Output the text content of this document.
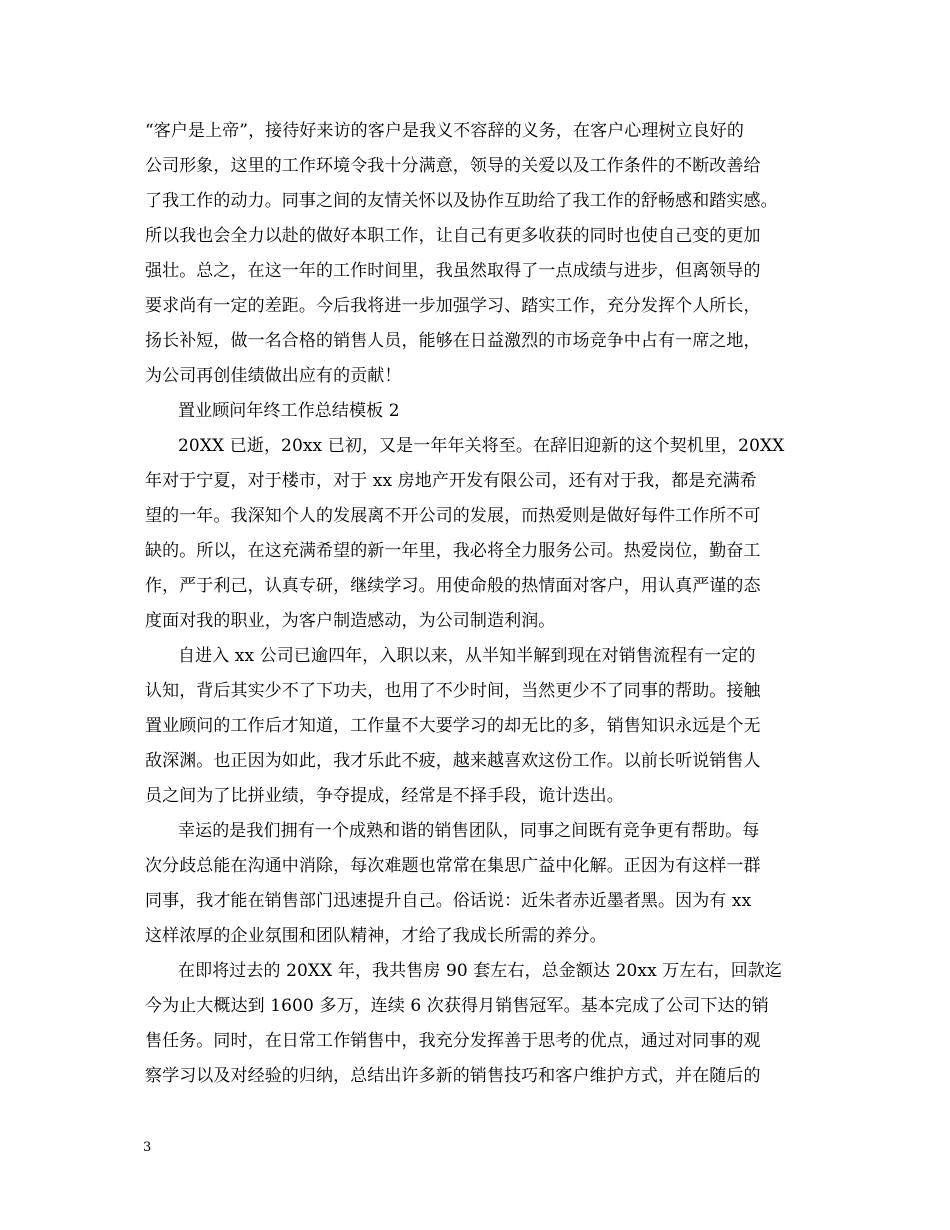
“客户是上帝”，接待好来访的客户是我义不容辞的义务，在客户心理树立良好的
公司形象，这里的工作环境令我十分满意，领导的关爱以及工作条件的不断改善给
了我工作的动力。同事之间的友情关怀以及协作互助给了我工作的舒畅感和踏实感。
所以我也会全力以赴的做好本职工作，让自己有更多收获的同时也使自己变的更加
强壮。总之，在这一年的工作时间里，我虽然取得了一点成绩与进步，但离领导的
要求尚有一定的差距。今后我将进一步加强学习、踏实工作，充分发挥个人所长，
扬长补短，做一名合格的销售人员，能够在日益激烈的市场竞争中占有一席之地，
为公司再创佳绩做出应有的贡献！
置业顾问年终工作总结模板 2
20XX 已逝，20xx 已初，又是一年年关将至。在辞旧迎新的这个契机里，20XX
年对于宁夏，对于楼市，对于 xx 房地产开发有限公司，还有对于我，都是充满希
望的一年。我深知个人的发展离不开公司的发展，而热爱则是做好每件工作所不可
缺的。所以，在这充满希望的新一年里，我必将全力服务公司。热爱岗位，勤奋工
作，严于利己，认真专研，继续学习。用使命般的热情面对客户，用认真严谨的态
度面对我的职业，为客户制造感动，为公司制造利润。
自进入 xx 公司已逾四年，入职以来，从半知半解到现在对销售流程有一定的
认知，背后其实少不了下功夫，也用了不少时间，当然更少不了同事的帮助。接触
置业顾问的工作后才知道，工作量不大要学习的却无比的多，销售知识永远是个无
敌深渊。也正因为如此，我才乐此不疲，越来越喜欢这份工作。以前长听说销售人
员之间为了比拼业绩，争夺提成，经常是不择手段，诡计迭出。
幸运的是我们拥有一个成熟和谐的销售团队，同事之间既有竞争更有帮助。每
次分歧总能在沟通中消除，每次难题也常常在集思广益中化解。正因为有这样一群
同事，我才能在销售部门迅速提升自己。俗话说：近朱者赤近墨者黑。因为有 xx
这样浓厚的企业氛围和团队精神，才给了我成长所需的养分。
在即将过去的 20XX 年，我共售房 90 套左右，总金额达 20xx 万左右，回款迄
今为止大概达到 1600 多万，连续 6 次获得月销售冠军。基本完成了公司下达的销
售任务。同时，在日常工作销售中，我充分发挥善于思考的优点，通过对同事的观
察学习以及对经验的归纳，总结出许多新的销售技巧和客户维护方式，并在随后的
3
